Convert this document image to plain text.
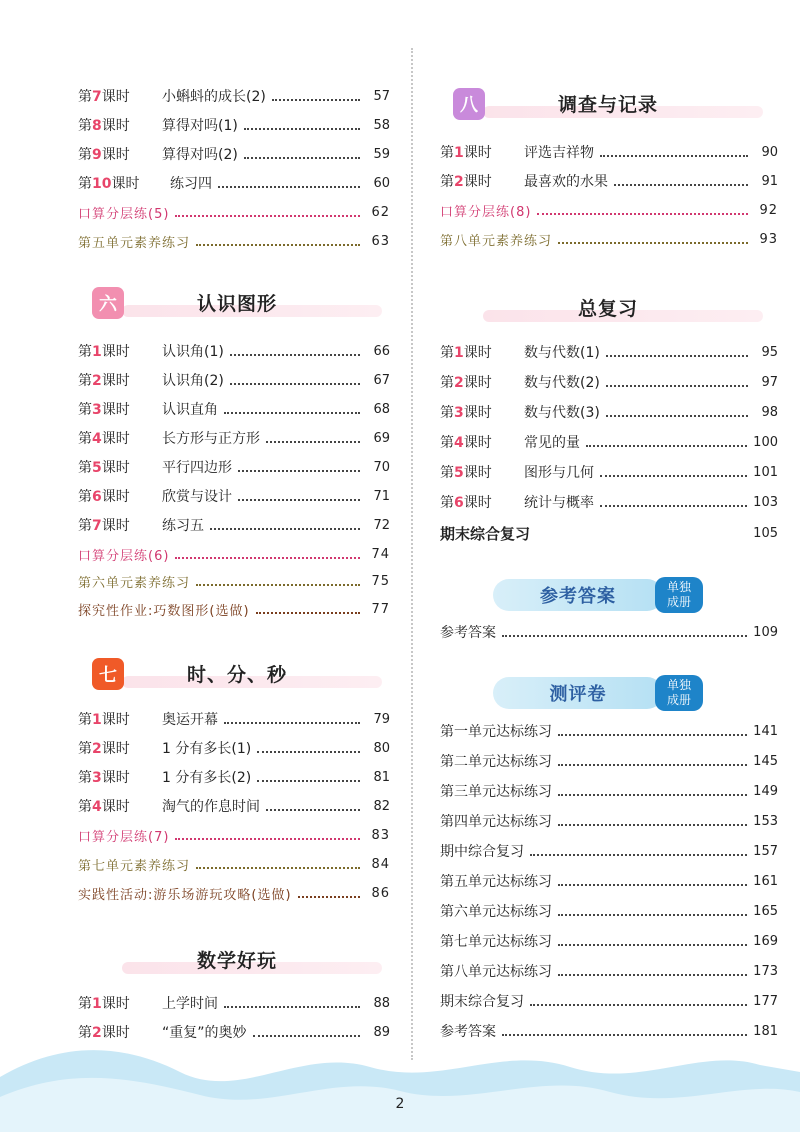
第7课时	小蝌蚪的成长(2)	57
第8课时	算得对吗(1)	58
第9课时	算得对吗(2)	59
第10课时	练习四	60
口算分层练(5)	62
第五单元素养练习	63
六	认识图形
第1课时	认识角(1)	66
第2课时	认识角(2)	67
第3课时	认识直角	68
第4课时	长方形与正方形	69
第5课时	平行四边形	70
第6课时	欣赏与设计	71
第7课时	练习五	72
口算分层练(6)	74
第六单元素养练习	75
探究性作业:巧数图形(选做)	77
七	时、分、秒
第1课时	奥运开幕	79
第2课时	1 分有多长(1)	80
第3课时	1 分有多长(2)	81
第4课时	淘气的作息时间	82
口算分层练(7)	83
第七单元素养练习	84
实践性活动:游乐场游玩攻略(选做)	86
数学好玩
第1课时	上学时间	88
第2课时	“重复”的奥妙	89
八	调查与记录
第1课时	评选吉祥物	90
第2课时	最喜欢的水果	91
口算分层练(8)	92
第八单元素养练习	93
总复习
第1课时	数与代数(1)	95
第2课时	数与代数(2)	97
第3课时	数与代数(3)	98
第4课时	常见的量	100
第5课时	图形与几何	101
第6课时	统计与概率	103
期末综合复习	105
参考答案	单独
成册
参考答案	109
测评卷	单独
成册
第一单元达标练习	141
第二单元达标练习	145
第三单元达标练习	149
第四单元达标练习	153
期中综合复习	157
第五单元达标练习	161
第六单元达标练习	165
第七单元达标练习	169
第八单元达标练习	173
期末综合复习	177
参考答案	181
2
